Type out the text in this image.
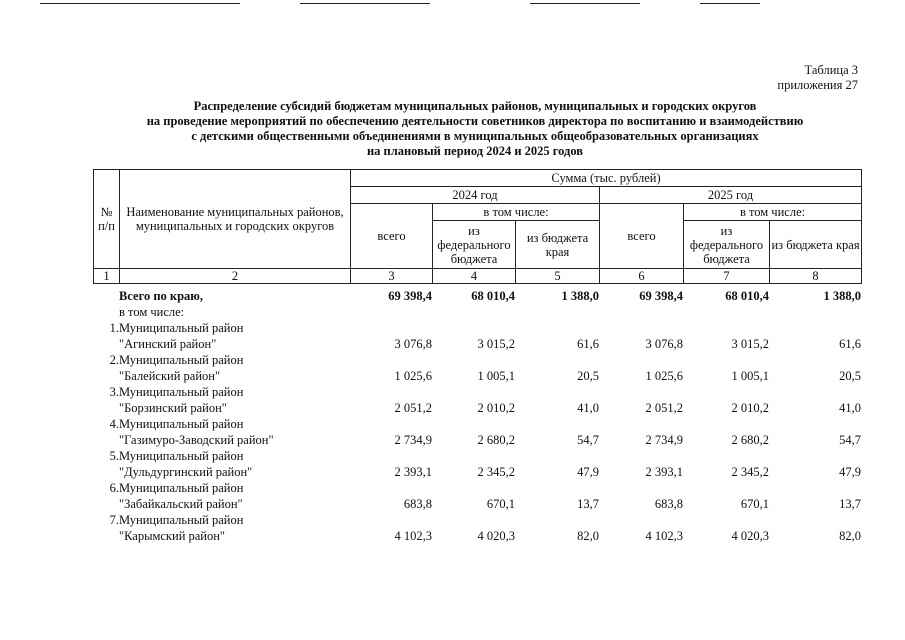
Таблица 3
приложения 27
Распределение субсидий бюджетам муниципальных районов, муниципальных и городских округов
на проведение мероприятий по обеспечению деятельности советников директора по воспитанию и взаимодействию
с детскими общественными объединениями в муниципальных общеобразовательных организациях
на плановый период 2024 и 2025 годов
№ п/п	Наименование муниципальных районов, муниципальных и городских округов	Сумма (тыс. рублей)					
		2024 год			2025 год		
		всего	в том числе:		всего	в том числе:	
			из федерального бюджета	из бюджета края		из федерального бюджета	из бюджета края
1	2	3	4	5	6	7	8
	Всего по краю,	69 398,4	68 010,4	1 388,0	69 398,4	68 010,4	1 388,0
	в том числе:						
1.	Муниципальный район						
	"Агинский район"	3 076,8	3 015,2	61,6	3 076,8	3 015,2	61,6
2.	Муниципальный район						
	"Балейский район"	1 025,6	1 005,1	20,5	1 025,6	1 005,1	20,5
3.	Муниципальный район						
	"Борзинский район"	2 051,2	2 010,2	41,0	2 051,2	2 010,2	41,0
4.	Муниципальный район						
	"Газимуро-Заводский район"	2 734,9	2 680,2	54,7	2 734,9	2 680,2	54,7
5.	Муниципальный район						
	"Дульдургинский район"	2 393,1	2 345,2	47,9	2 393,1	2 345,2	47,9
6.	Муниципальный район						
	"Забайкальский район"	683,8	670,1	13,7	683,8	670,1	13,7
7.	Муниципальный район						
	"Карымский район"	4 102,3	4 020,3	82,0	4 102,3	4 020,3	82,0
